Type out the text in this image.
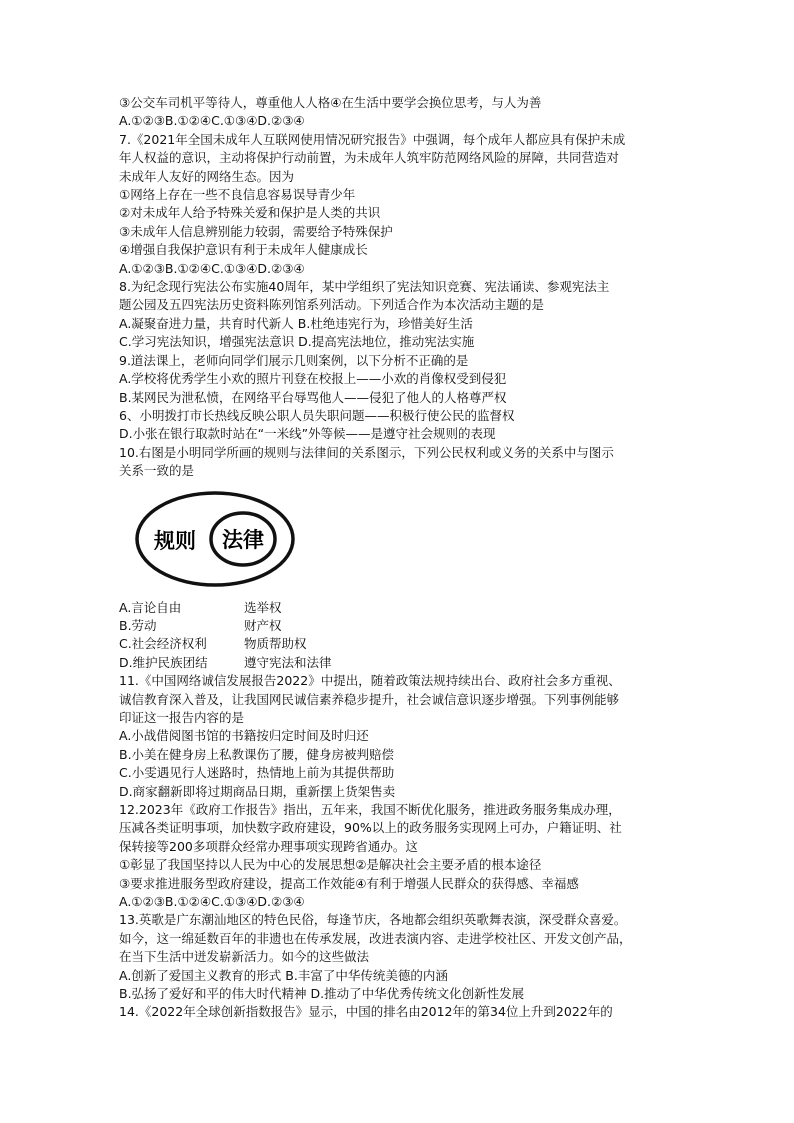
③公交车司机平等待人，尊重他人人格④在生活中要学会换位思考，与人为善
A.①②③B.①②④C.①③④D.②③④
7.《2021年全国未成年人互联网使用情况研究报告》中强调，每个成年人都应具有保护未成
年人权益的意识，主动将保护行动前置，为未成年人筑牢防范网络风险的屏障，共同营造对
未成年人友好的网络生态。因为
①网络上存在一些不良信息容易误导青少年
②对未成年人给予特殊关爱和保护是人类的共识
③未成年人信息辨别能力较弱，需要给予特殊保护
④增强自我保护意识有利于未成年人健康成长
A.①②③B.①②④C.①③④D.②③④
8.为纪念现行宪法公布实施40周年，某中学组织了宪法知识竞赛、宪法诵读、参观宪法主
题公园及五四宪法历史资料陈列馆系列活动。下列适合作为本次活动主题的是
A.凝聚奋进力量，共育时代新人 B.杜绝违宪行为，珍惜美好生活
C.学习宪法知识，增强宪法意识 D.提高宪法地位，推动宪法实施
9.道法课上，老师向同学们展示几则案例，以下分析不正确的是
A.学校将优秀学生小欢的照片刊登在校报上——小欢的肖像权受到侵犯
B.某网民为泄私愤，在网络平台辱骂他人——侵犯了他人的人格尊严权
6、小明拨打市长热线反映公职人员失职问题——积极行使公民的监督权
D.小张在银行取款时站在“一米线”外等候——是遵守社会规则的表现
10.右图是小明同学所画的规则与法律间的关系图示，下列公民权利或义务的关系中与图示
关系一致的是
规则 法律
A.言论自由	选举权
B.劳动	财产权
C.社会经济权利	物质帮助权
D.维护民族团结	遵守宪法和法律
11.《中国网络诚信发展报告2022》中提出，随着政策法规持续出台、政府社会多方重视、
诚信教育深入普及，让我国网民诚信素养稳步提升，社会诚信意识逐步增强。下列事例能够
印证这一报告内容的是
A.小战借阅图书馆的书籍按归定时间及时归还
B.小美在健身房上私教课伤了腰，健身房被判赔偿
C.小雯遇见行人迷路时，热情地上前为其提供帮助
D.商家翻新即将过期商品日期，重新摆上货架售卖
12.2023年《政府工作报告》指出，五年来，我国不断优化服务，推进政务服务集成办理，
压减各类证明事项，加快数字政府建设，90%以上的政务服务实现网上可办，户籍证明、社
保转接等200多项群众经常办理事项实现跨省通办。这
①彰显了我国坚持以人民为中心的发展思想②是解决社会主要矛盾的根本途径
③要求推进服务型政府建设，提高工作效能④有利于增强人民群众的获得感、幸福感
A.①②③B.①②④C.①③④D.②③④
13.英歌是广东潮汕地区的特色民俗，每逢节庆，各地都会组织英歌舞表演，深受群众喜爱。
如今，这一绵延数百年的非遗也在传承发展，改进表演内容、走进学校社区、开发文创产品，
在当下生活中迸发崭新活力。如今的这些做法
A.创新了爱国主义教育的形式 B.丰富了中华传统美德的内涵
B.弘扬了爱好和平的伟大时代精神 D.推动了中华优秀传统文化创新性发展
14.《2022年全球创新指数报告》显示，中国的排名由2012年的第34位上升到2022年的
